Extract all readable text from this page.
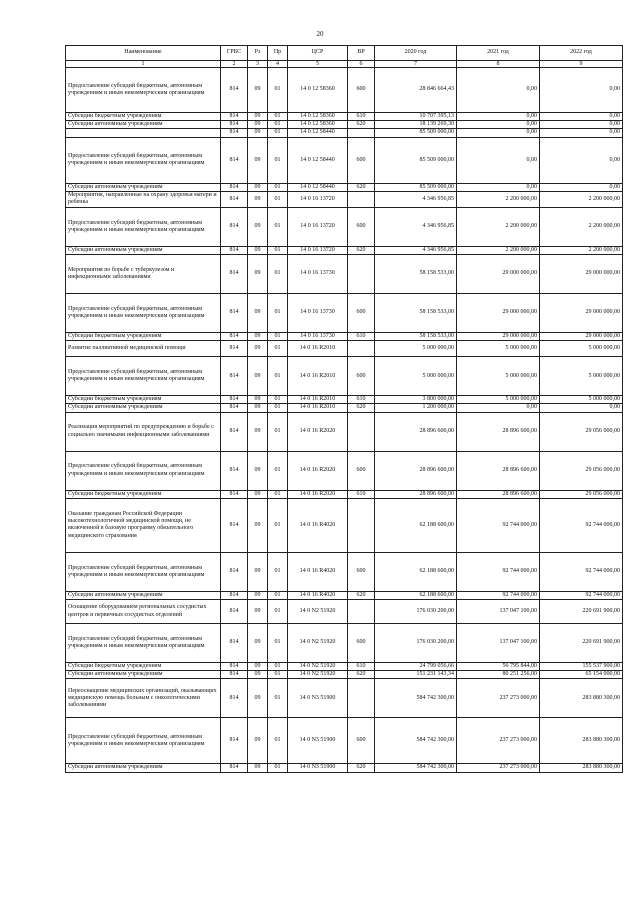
20
Наименование	ГРБС	Рз	Пр	ЦСР	ВР	2020 год	2021 год	2022 год
1	2	3	4	5	6	7	8	9
Предоставление субсидий бюджетным, автономным учреждениям и иным некоммерческим организациям	814	09	01	14 0 12 58360	600	28 846 664,43	0,00	0,00
Субсидии бюджетным учреждениям	814	09	01	14 0 12 58360	610	10 707 395,13	0,00	0,00
Субсидии автономным учреждениям	814	09	01	14 0 12 58360	620	18 139 269,30	0,00	0,00
	814	09	01	14 0 12 58440		85 509 000,00	0,00	0,00
Предоставление субсидий бюджетным, автономным учреждениям и иным некоммерческим организациям	814	09	01	14 0 12 58440	600	85 509 000,00	0,00	0,00
Субсидии автономным учреждениям	814	09	01	14 0 12 58440	620	85 509 000,00	0,00	0,00
Мероприятия, направленные на охрану здоровья матери и ребенка	814	09	01	14 0 16 13720		4 346 956,85	2 200 000,00	2 200 000,00
Предоставление субсидий бюджетным, автономным учреждениям и иным некоммерческим организациям	814	09	01	14 0 16 13720	600	4 346 956,85	2 200 000,00	2 200 000,00
Субсидии автономным учреждениям	814	09	01	14 0 16 13720	620	4 346 956,85	2 200 000,00	2 200 000,00
Мероприятия по борьбе с туберкулезом и инфекционными заболеваниями	814	09	01	14 0 16 13730		58 158 533,00	29 000 000,00	29 000 000,00
Предоставление субсидий бюджетным, автономным учреждениям и иным некоммерческим организациям	814	09	01	14 0 16 13730	600	58 158 533,00	29 000 000,00	29 000 000,00
Субсидии бюджетным учреждениям	814	09	01	14 0 16 13730	610	58 158 533,00	29 000 000,00	29 000 000,00
Развитие паллиативной медицинской помощи	814	09	01	14 0 16 R2010		5 000 000,00	5 000 000,00	5 000 000,00
Предоставление субсидий бюджетным, автономным учреждениям и иным некоммерческим организациям	814	09	01	14 0 16 R2010	600	5 000 000,00	5 000 000,00	5 000 000,00
Субсидии бюджетным учреждениям	814	09	01	14 0 16 R2010	610	3 800 000,00	5 000 000,00	5 000 000,00
Субсидии автономным учреждениям	814	09	01	14 0 16 R2010	620	1 200 000,00	0,00	0,00
Реализация мероприятий по предупреждению и борьбе с социально значимыми инфекционными заболеваниями	814	09	01	14 0 16 R2020		28 896 600,00	28 896 600,00	29 056 000,00
Предоставление субсидий бюджетным, автономным учреждениям и иным некоммерческим организациям	814	09	01	14 0 16 R2020	600	28 896 600,00	28 896 600,00	29 056 000,00
Субсидии бюджетным учреждениям	814	09	01	14 0 16 R2020	610	28 896 600,00	28 896 600,00	29 056 000,00
Оказание гражданам Российской Федерации высокотехнологичной медицинской помощи, не включенной в базовую программу обязательного медицинского страхования	814	09	01	14 0 16 R4020		62 188 600,00	92 744 000,00	92 744 000,00
Предоставление субсидий бюджетным, автономным учреждениям и иным некоммерческим организациям	814	09	01	14 0 16 R4020	600	62 188 600,00	92 744 000,00	92 744 000,00
Субсидии автономным учреждениям	814	09	01	14 0 16 R4020	620	62 188 600,00	92 744 000,00	92 744 000,00
Оснащение оборудованием региональных сосудистых центров и первичных сосудистых отделений	814	09	01	14 0 N2 51920		176 030 200,00	137 047 100,00	220 691 900,00
Предоставление субсидий бюджетным, автономным учреждениям и иным некоммерческим организациям	814	09	01	14 0 N2 51920	600	176 030 200,00	137 047 100,00	220 691 900,00
Субсидии бюджетным учреждениям	814	09	01	14 0 N2 51920	610	24 799 056,66	56 795 844,00	155 537 900,00
Субсидии автономным учреждениям	814	09	01	14 0 N2 51920	620	151 231 143,34	80 251 256,00	65 154 000,00
Переоснащение медицинских организаций, оказывающих медицинскую помощь больным с онкологическими заболеваниями	814	09	01	14 0 N3 51900		584 742 300,00	237 273 000,00	283 880 300,00
Предоставление субсидий бюджетным, автономным учреждениям и иным некоммерческим организациям	814	09	01	14 0 N3 51900	600	584 742 300,00	237 273 000,00	283 880 300,00
Субсидии автономным учреждениям	814	09	01	14 0 N3 51900	620	584 742 300,00	237 273 000,00	283 880 300,00
